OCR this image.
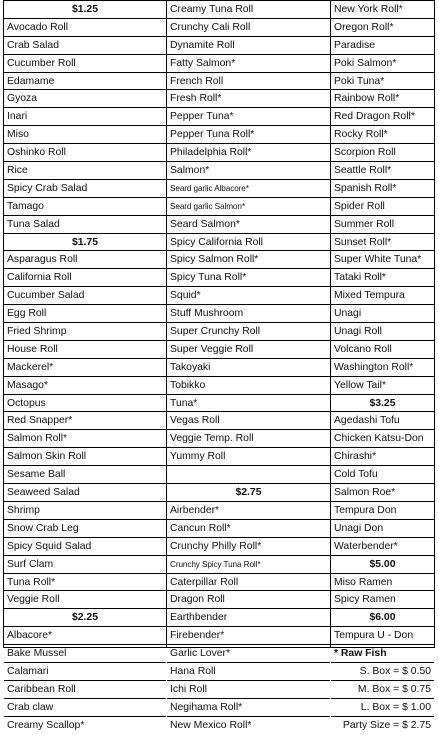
$1.25
Avocado Roll
Crab Salad
Cucumber Roll
Edamame
Gyoza
Inari
Miso
Oshinko Roll
Rice
Spicy Crab Salad
Tamago
Tuna Salad
$1.75
Asparagus Roll
California Roll
Cucumber Salad
Egg Roll
Fried Shrimp
House Roll
Mackerel*
Masago*
Octopus
Red Snapper*
Salmon Roll*
Salmon Skin Roll
Sesame Ball
Seaweed Salad
Shrimp
Snow Crab Leg
Spicy Squid Salad
Surf Clam
Tuna Roll*
Veggie Roll
$2.25
Albacore*
Bake Mussel
Calamari
Caribbean Roll
Crab claw
Creamy Scallop*
Creamy Tuna Roll
Crunchy Cali Roll
Dynamite Roll
Fatty Salmon*
French Roll
Fresh Roll*
Pepper Tuna*
Pepper Tuna Roll*
Philadelphia Roll*
Salmon*
Seard garlic Albacore*
Seard garlic Salmon*
Seard Salmon*
Spicy California Roll
Spicy Salmon Roll*
Spicy Tuna Roll*
Squid*
Stuff Mushroom
Super Crunchy Roll
Super Veggie Roll
Takoyaki
Tobikko
Tuna*
Vegas Roll
Veggie Temp. Roll
Yummy Roll
$2.75
Airbender*
Cancun Roll*
Crunchy Philly Roll*
Crunchy Spicy Tuna Roll*
Caterpillar Roll
Dragon Roll
Earthbender
Firebender*
Garlic Lover*
Hana Roll
Ichi Roll
Negihama Roll*
New Mexico Roll*
New York Roll*
Oregon Roll*
Paradise
Poki Salmon*
Poki Tuna*
Rainbow Roll*
Red Dragon Roll*
Rocky Roll*
Scorpion Roll
Seattle Roll*
Spanish Roll*
Spider Roll
Summer Roll
Sunset Roll*
Super White Tuna*
Tataki Roll*
Mixed Tempura
Unagi
Unagi Roll
Volcano Roll
Washington Roll*
Yellow Tail*
$3.25
Agedashi Tofu
Chicken Katsu-Don
Chirashi*
Cold Tofu
Salmon Roe*
Tempura Don
Unagi Don
Waterbender*
$5.00
Miso Ramen
Spicy Ramen
$6.00
Tempura U - Don
* Raw Fish
S. Box = $ 0.50
M. Box = $ 0.75
L. Box = $ 1.00
Party Size = $ 2.75
